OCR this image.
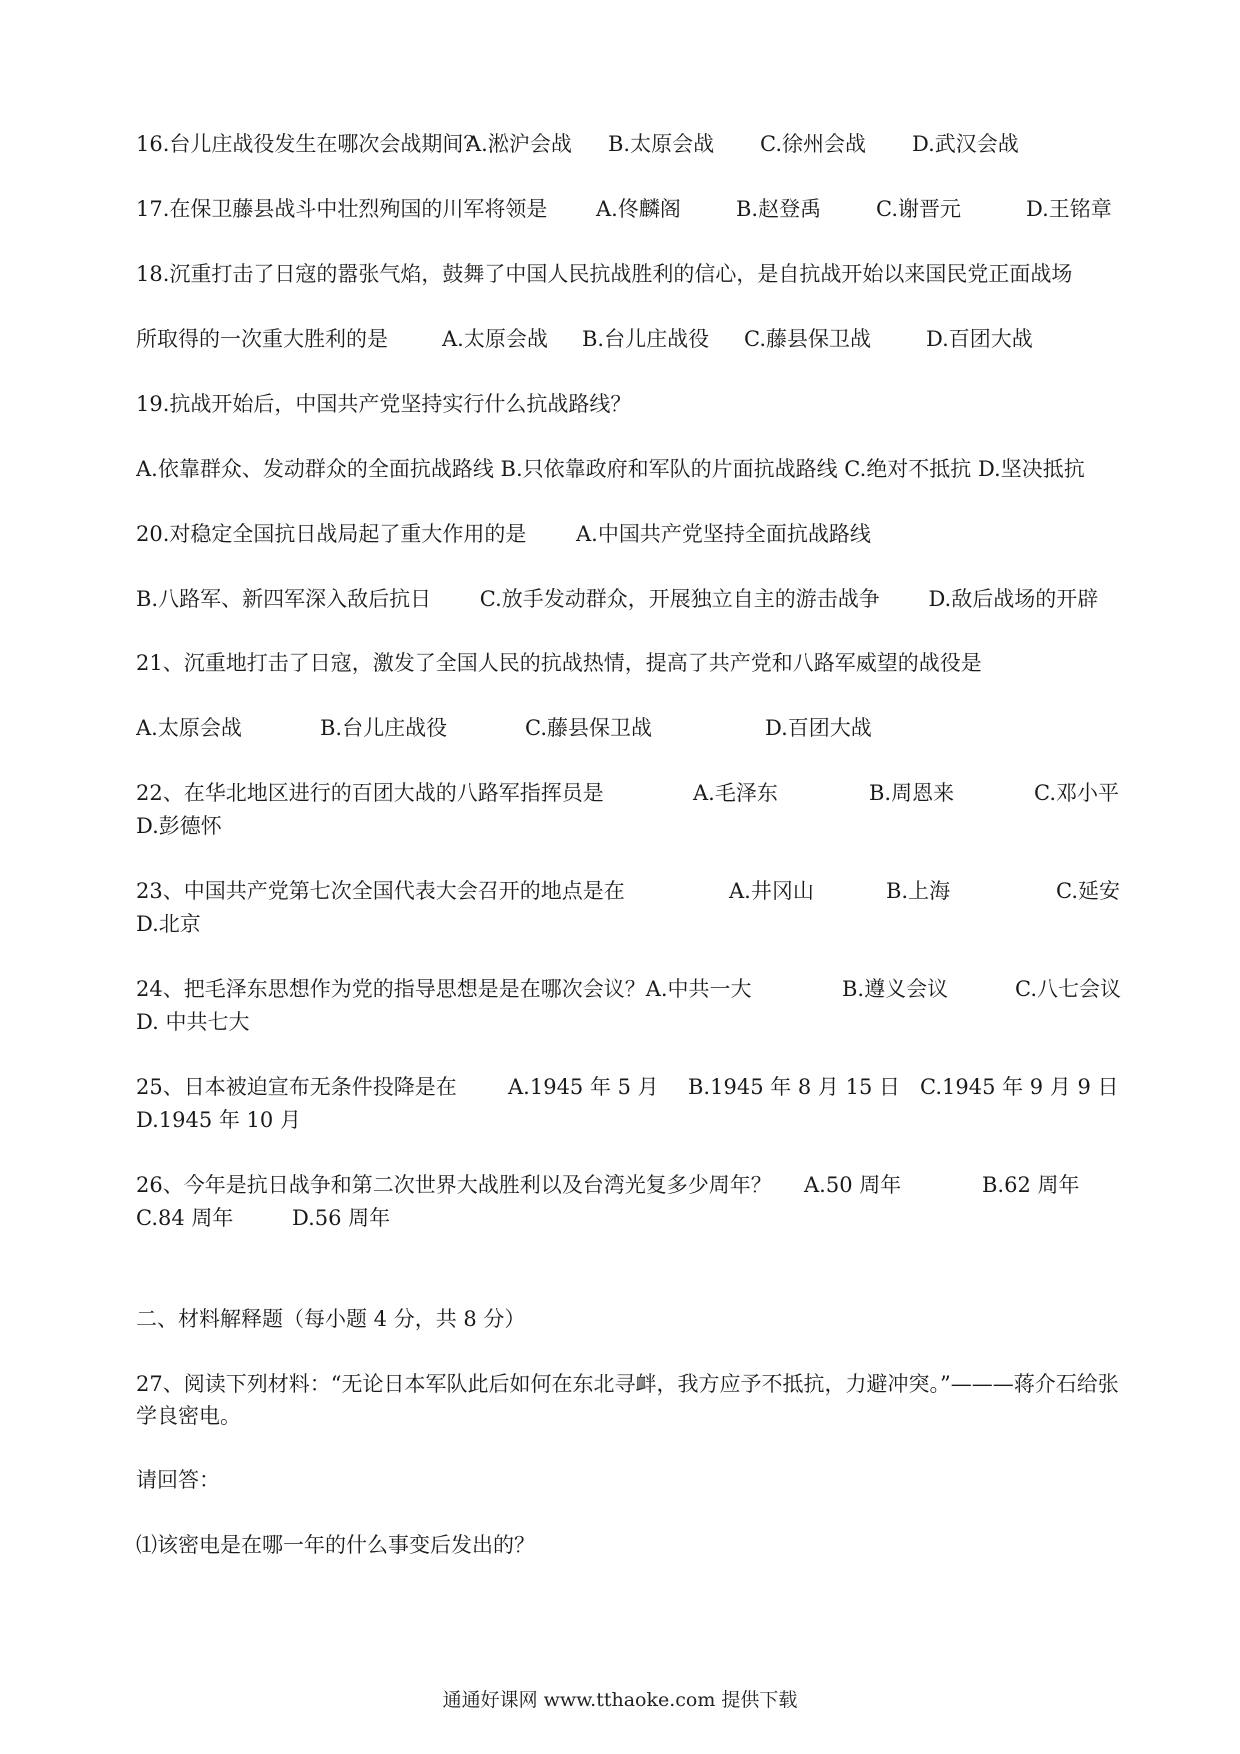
16.台儿庄战役发生在哪次会战期间？
A.淞沪会战	B.太原会战	C.徐州会战	D.武汉会战
17.在保卫藤县战斗中壮烈殉国的川军将领是	A.佟麟阁	B.赵登禹	C.谢晋元	D.王铭章
18.沉重打击了日寇的嚣张气焰，鼓舞了中国人民抗战胜利的信心，是自抗战开始以来国民党正面战场
所取得的一次重大胜利的是	A.太原会战	B.台儿庄战役	C.藤县保卫战	D.百团大战
19.抗战开始后，中国共产党坚持实行什么抗战路线？
A.依靠群众、发动群众的全面抗战路线 B.只依靠政府和军队的片面抗战路线 C.绝对不抵抗 D.坚决抵抗
20.对稳定全国抗日战局起了重大作用的是	A.中国共产党坚持全面抗战路线
B.八路军、新四军深入敌后抗日　　 C.放手发动群众，开展独立自主的游击战争　　 D.敌后战场的开辟
21、沉重地打击了日寇，激发了全国人民的抗战热情，提高了共产党和八路军威望的战役是
A.太原会战	B.台儿庄战役	C.藤县保卫战	D.百团大战
22、在华北地区进行的百团大战的八路军指挥员是	A.毛泽东	B.周恩来	C.邓小平
D.彭德怀
23、中国共产党第七次全国代表大会召开的地点是在	A.井冈山	B.上海	C.延安
D.北京
24、把毛泽东思想作为党的指导思想是是在哪次会议？A.中共一大	B.遵义会议	C.八七会议
D. 中共七大
25、日本被迫宣布无条件投降是在	A.1945 年 5 月	B.1945 年 8 月 15 日 C.1945 年 9 月 9 日
D.1945 年 10 月
26、今年是抗日战争和第二次世界大战胜利以及台湾光复多少周年？	A.50 周年	B.62 周年
C.84 周年	D.56 周年
二、材料解释题（每小题 4 分，共 8 分）
27、阅读下列材料：“无论日本军队此后如何在东北寻衅，我方应予不抵抗，力避冲突。”———蒋介石给张学良密电。
请回答：
⑴该密电是在哪一年的什么事变后发出的？
通通好课网 www.tthaoke.com 提供下载
